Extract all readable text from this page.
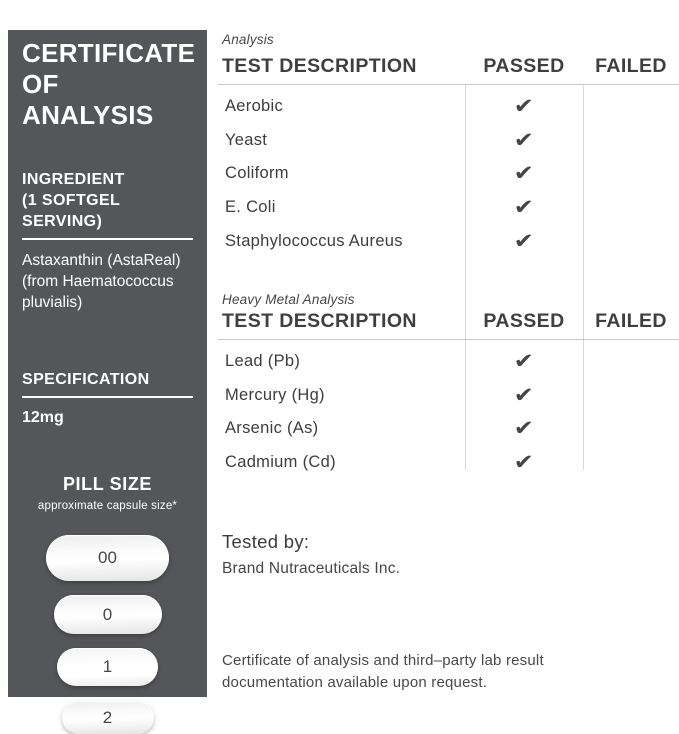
CERTIFICATE OF ANALYSIS
INGREDIENT
(1 SOFTGEL SERVING)
Astaxanthin (AstaReal) (from Haematococcus pluvialis)
SPECIFICATION
12mg
PILL SIZE
approximate capsule size*
00
0
1
2
Analysis
TEST DESCRIPTION	PASSED	FAILED
Aerobic	✔
Yeast	✔
Coliform	✔
E. Coli	✔
Staphylococcus Aureus	✔
Heavy Metal Analysis
TEST DESCRIPTION	PASSED	FAILED
Lead (Pb)	✔
Mercury (Hg)	✔
Arsenic (As)	✔
Cadmium (Cd)	✔
Tested by:
Brand Nutraceuticals Inc.
Certificate of analysis and third–party lab result documentation available upon request.
